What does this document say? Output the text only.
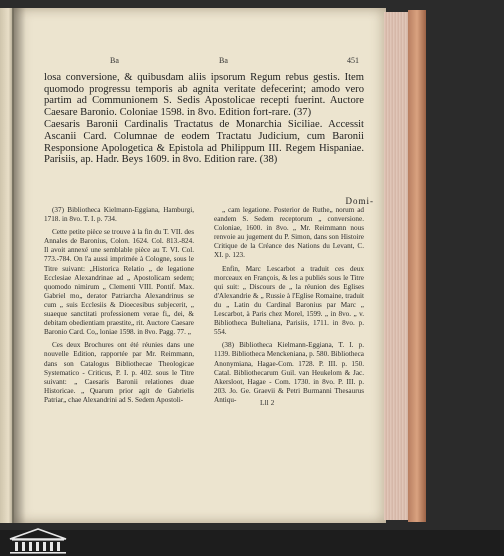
Ba	Ba	451

losa conversione, & quibusdam aliis ipsorum Regum rebus gestis. Item quomodo progressu temporis ab agnita veritate defecerint; amodo vero partim ad Communionem S. Sedis Apostolicae recepti fuerint. Auctore Caesare Baronio. Coloniae 1598. in 8vo. Edition fort-rare. (37)

Caesaris Baronii Cardinalis Tractatus de Monarchia Siciliae. Accessit Ascanii Card. Columnae de eodem Tractatu Judicium, cum Baronii Responsione Apologetica & Epistola ad Philippum III. Regem Hispaniae. Parisiis, ap. Hadr. Beys 1609. in 8vo. Edition rare. (38)

Domi-

(37) Bibliotheca Kielmann-Eggiana, Hamburgi, 1718. in 8vo. T. I. p. 734.

Cette petite pièce se trouve à la fin du T. VII. des Annales de Baronius, Colon. 1624. Col. 813.-824. Il avoit annexé une semblable pièce au T. VI. Col. 773.-784. On l'a aussi imprimée à Cologne, sous le Titre suivant: „Historica Relatio „ de legatione Ecclesiae Alexandrinae ad „ Apostolicam sedem; quomodo nimirum „ Clementi VIII. Pontif. Max. Gabriel mo„ derator Patriarcha Alexandrinus se cum „ suis Ecclesiis & Dioecesibus subjecerit, „ suaeque sanctitati professionem verae fi„ dei, & debitam obedientiam praestite„ rit. Auctore Caesare Baronio Card. Co„ loniae 1598. in 8vo. Pagg. 77. „

Ces deux Brochures ont été réunies dans une nouvelle Edition, rapportée par Mr. Reimmann, dans son Catalogus Bibliothecae Theologicae Systematico - Criticus, P. I. p. 402. sous le Titre suivant: „ Caesaris Baronii relationes duae Historicae. „ Quarum prior agit de Gabrielis Patriar„ chae Alexandrini ad S. Sedem Apostoli-

„ cam legatione. Posterior de Ruthe„ norum ad eandem S. Sedem receptorum „ conversione. Coloniae, 1600. in 8vo. „ Mr. Reimmann nous renvoie au jugement du P. Simon, dans son Histoire Critique de la Créance des Nations du Levant, C. XI. p. 123.

Enfin, Marc Lescarbot a traduit ces deux morceaux en François, & les a publiés sous le Titre qui suit: „ Discours de „ la réunion des Eglises d'Alexandrie & „ Russie à l'Eglise Romaine, traduit du „ Latin du Cardinal Baronius par Marc „ Lescarbot, à Paris chez Morel, 1599. „ in 8vo. „ v. Bibliotheca Bulteliana, Parisiis, 1711. in 8vo. p. 554.

(38) Bibliotheca Kielmann-Eggiana, T. I. p. 1139. Bibliotheca Menckeniana, p. 580. Bibliotheca Anonymiana, Hagae-Com. 1728. P. III. p. 150. Catal. Bibliothecarum Guil. van Heukelom & Jac. Akersloot, Hagae - Com. 1730. in 8vo. P. III. p. 203. Jo. Ge. Graevii & Petri Burmanni Thesaurus Antiqu-	Lll 2
